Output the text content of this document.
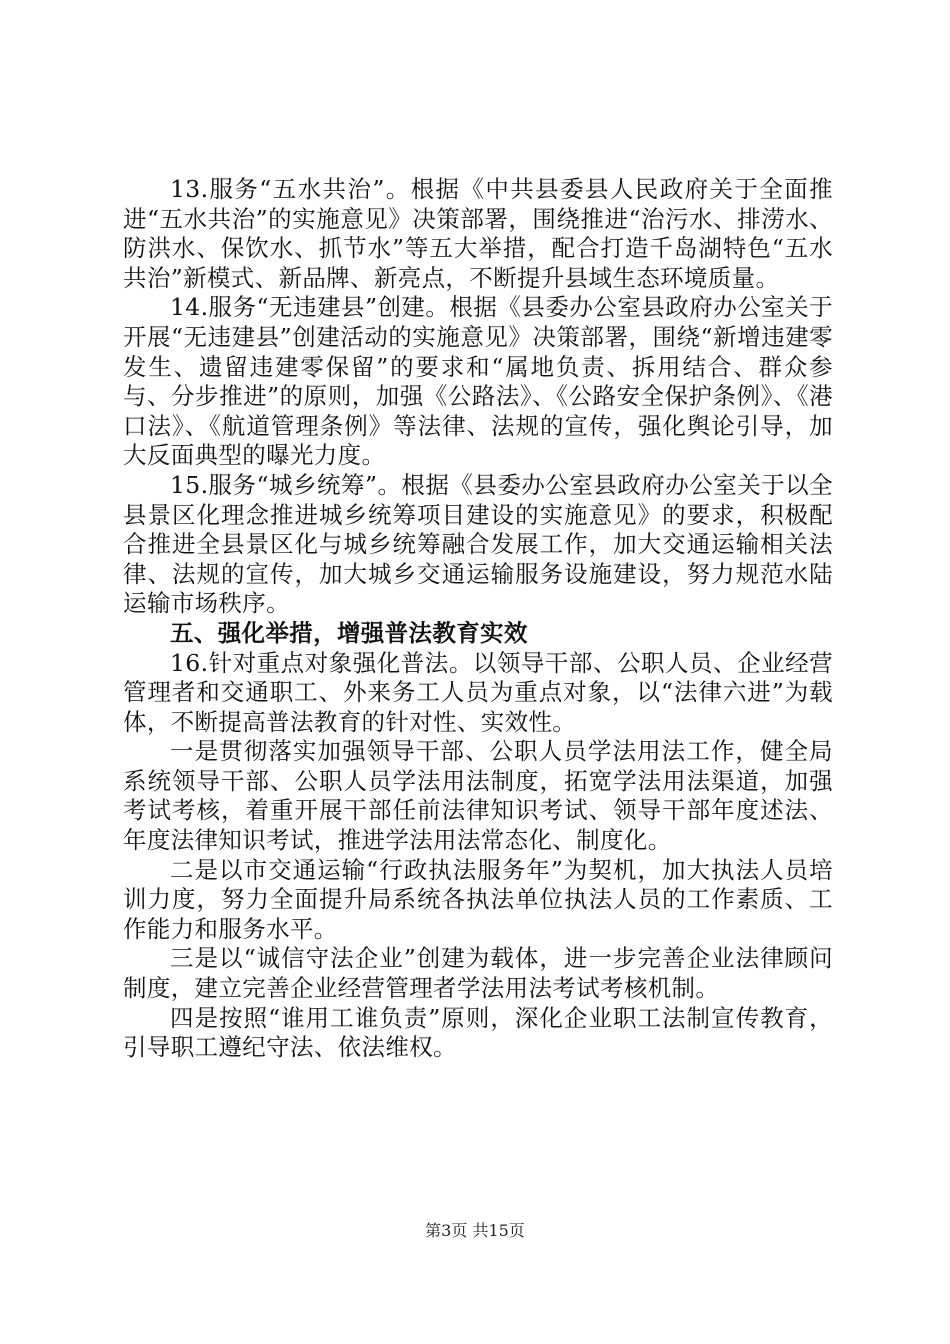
13.服务“五水共治”。根据《中共县委县人民政府关于全面推进“五水共治”的实施意见》决策部署，围绕推进“治污水、排涝水、防洪水、保饮水、抓节水”等五大举措，配合打造千岛湖特色“五水共治”新模式、新品牌、新亮点，不断提升县域生态环境质量。

14.服务“无违建县”创建。根据《县委办公室县政府办公室关于开展“无违建县”创建活动的实施意见》决策部署，围绕“新增违建零发生、遗留违建零保留”的要求和“属地负责、拆用结合、群众参与、分步推进”的原则，加强《公路法》、《公路安全保护条例》、《港口法》、《航道管理条例》等法律、法规的宣传，强化舆论引导，加大反面典型的曝光力度。

15.服务“城乡统筹”。根据《县委办公室县政府办公室关于以全县景区化理念推进城乡统筹项目建设的实施意见》的要求，积极配合推进全县景区化与城乡统筹融合发展工作，加大交通运输相关法律、法规的宣传，加大城乡交通运输服务设施建设，努力规范水陆运输市场秩序。

五、强化举措，增强普法教育实效

16.针对重点对象强化普法。以领导干部、公职人员、企业经营管理者和交通职工、外来务工人员为重点对象，以“法律六进”为载体，不断提高普法教育的针对性、实效性。

一是贯彻落实加强领导干部、公职人员学法用法工作，健全局系统领导干部、公职人员学法用法制度，拓宽学法用法渠道，加强考试考核，着重开展干部任前法律知识考试、领导干部年度述法、年度法律知识考试，推进学法用法常态化、制度化。

二是以市交通运输“行政执法服务年”为契机，加大执法人员培训力度，努力全面提升局系统各执法单位执法人员的工作素质、工作能力和服务水平。

三是以“诚信守法企业”创建为载体，进一步完善企业法律顾问制度，建立完善企业经营管理者学法用法考试考核机制。

四是按照“谁用工谁负责”原则，深化企业职工法制宣传教育，引导职工遵纪守法、依法维权。

第3页 共15页
